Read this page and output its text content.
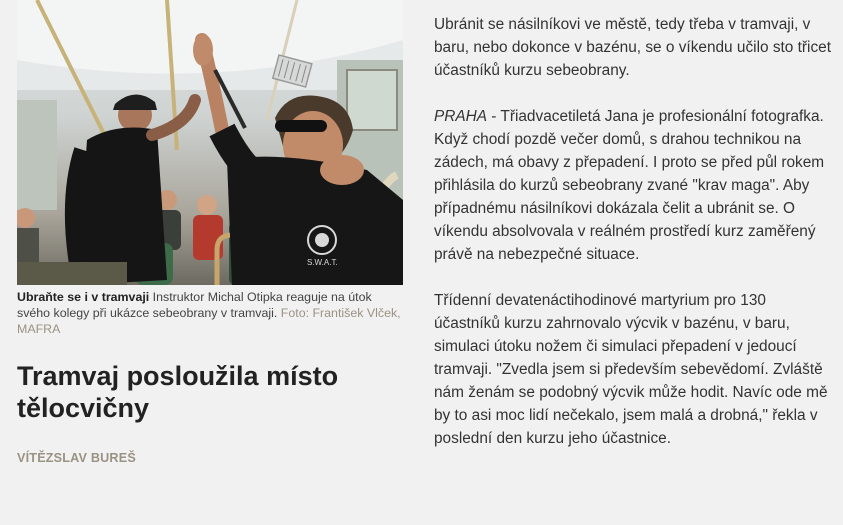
S.W.A.T.
Ubraňte se i v tramvaji Instruktor Michal Otipka reaguje na útok svého kolegy při ukázce sebeobrany v tramvaji. Foto: František Vlček, MAFRA
Tramvaj posloužila místo tělocvičny
VÍTĚZSLAV BUREŠ

Ubránit se násilníkovi ve městě, tedy třeba v tramvaji, v baru, nebo dokonce v bazénu, se o víkendu učilo sto třicet účastníků kurzu sebeobrany.

PRAHA - Třiadvacetiletá Jana je profesionální fotografka. Když chodí pozdě večer domů, s drahou technikou na zádech, má obavy z přepadení. I proto se před půl rokem přihlásila do kurzů sebeobrany zvané "krav maga". Aby případnému násilníkovi dokázala čelit a ubránit se. O víkendu absolvovala v reálném prostředí kurz zaměřený právě na nebezpečné situace.

Třídenní devatenáctihodinové martyrium pro 130 účastníků kurzu zahrnovalo výcvik v bazénu, v baru, simulaci útoku nožem či simulaci přepadení v jedoucí tramvaji. "Zvedla jsem si především sebevědomí. Zvláště nám ženám se podobný výcvik může hodit. Navíc ode mě by to asi moc lidí nečekalo, jsem malá a drobná," řekla v poslední den kurzu jeho účastnice.
